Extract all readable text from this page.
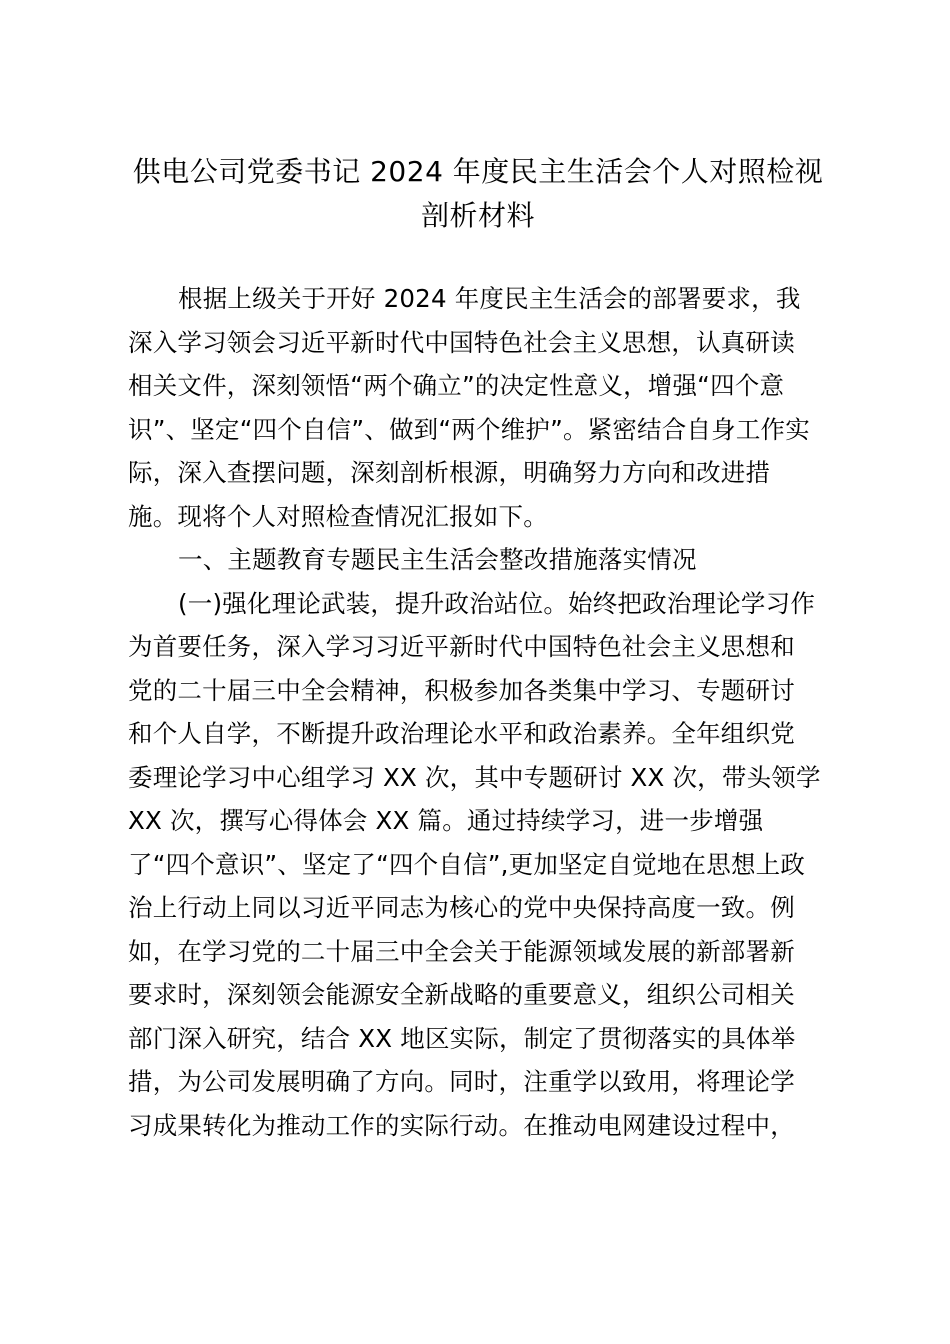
供电公司党委书记 2024 年度民主生活会个人对照检视
剖析材料
根据上级关于开好 2024 年度民主生活会的部署要求，我
深入学习领会习近平新时代中国特色社会主义思想，认真研读
相关文件，深刻领悟“两个确立”的决定性意义，增强“四个意
识”、坚定“四个自信”、做到“两个维护”。紧密结合自身工作实
际，深入查摆问题，深刻剖析根源，明确努力方向和改进措
施。现将个人对照检查情况汇报如下。
一、主题教育专题民主生活会整改措施落实情况
(一)强化理论武装，提升政治站位。始终把政治理论学习作
为首要任务，深入学习习近平新时代中国特色社会主义思想和
党的二十届三中全会精神，积极参加各类集中学习、专题研讨
和个人自学，不断提升政治理论水平和政治素养。全年组织党
委理论学习中心组学习 XX 次，其中专题研讨 XX 次，带头领学
XX 次，撰写心得体会 XX 篇。通过持续学习，进一步增强
了“四个意识”、坚定了“四个自信”,更加坚定自觉地在思想上政
治上行动上同以习近平同志为核心的党中央保持高度一致。例
如，在学习党的二十届三中全会关于能源领域发展的新部署新
要求时，深刻领会能源安全新战略的重要意义，组织公司相关
部门深入研究，结合 XX 地区实际，制定了贯彻落实的具体举
措，为公司发展明确了方向。同时，注重学以致用，将理论学
习成果转化为推动工作的实际行动。在推动电网建设过程中，
